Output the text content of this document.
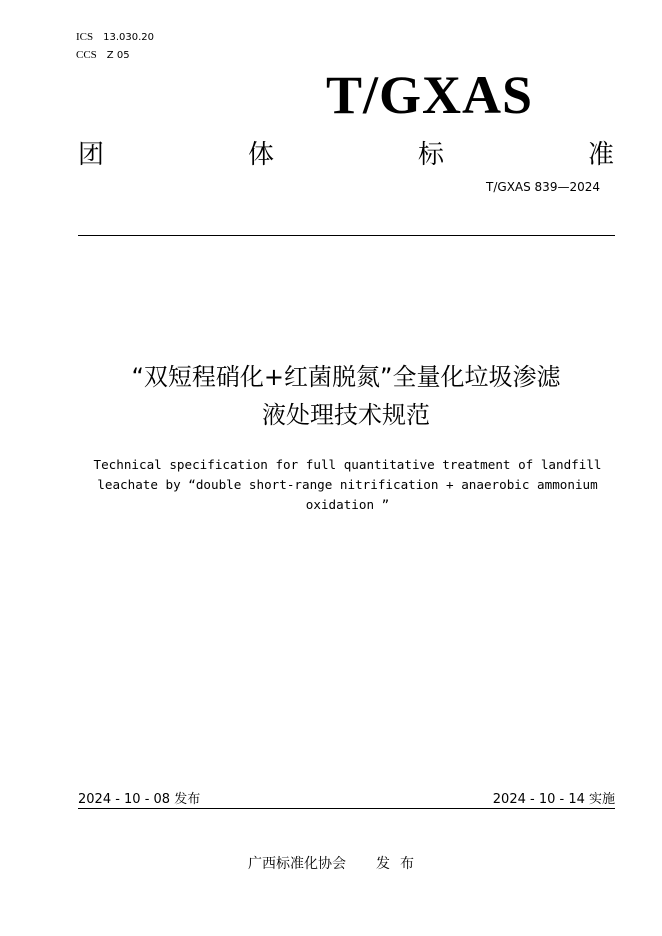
ICS 13.030.20
CCS Z 05
T/GXAS
团	体	标	准
T/GXAS 839—2024
“双短程硝化+红菌脱氮”全量化垃圾渗滤
液处理技术规范
Technical specification for full quantitative treatment of landfill
leachate by “double short-range nitrification + anaerobic ammonium
oxidation ”
2024 - 10 - 08 发布	2024 - 10 - 14 实施
广西标准化协会 发布
